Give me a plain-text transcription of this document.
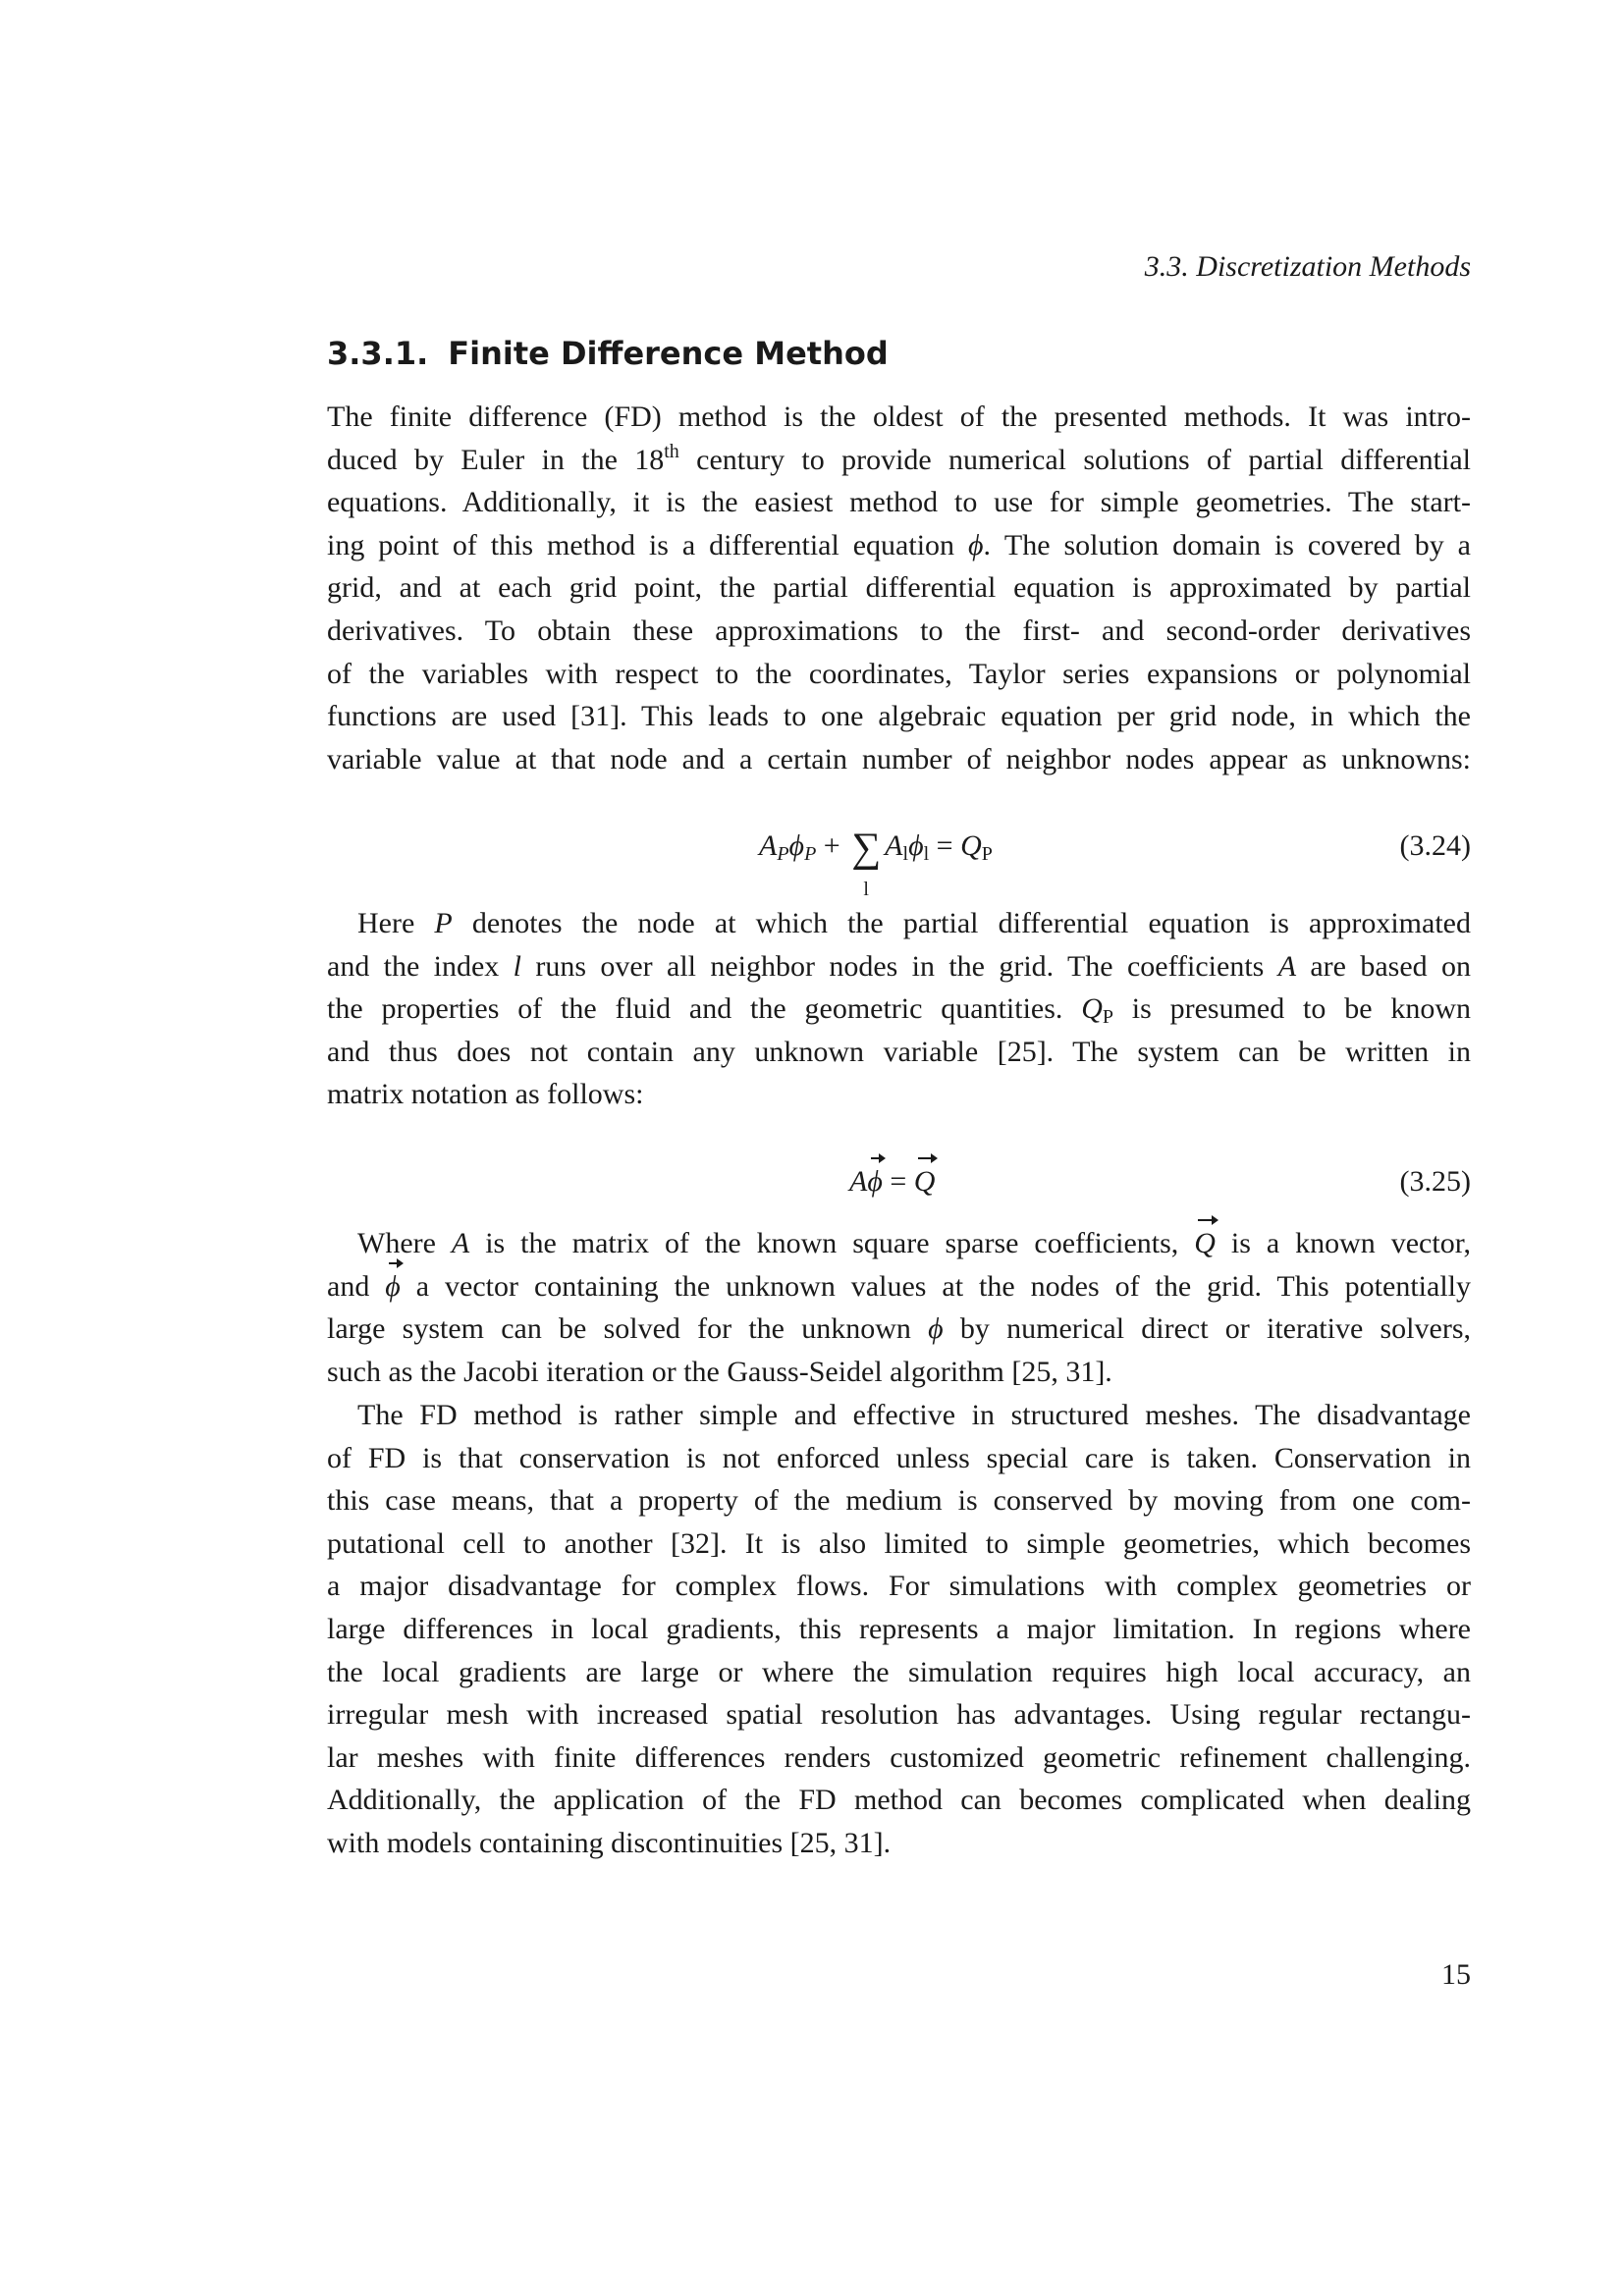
3.3. Discretization Methods
3.3.1. Finite Difference Method
The finite difference (FD) method is the oldest of the presented methods. It was intro-
duced by Euler in the 18th century to provide numerical solutions of partial differential
equations. Additionally, it is the easiest method to use for simple geometries. The start-
ing point of this method is a differential equation ϕ. The solution domain is covered by a
grid, and at each grid point, the partial differential equation is approximated by partial
derivatives. To obtain these approximations to the first- and second-order derivatives
of the variables with respect to the coordinates, Taylor series expansions or polynomial
functions are used [31]. This leads to one algebraic equation per grid node, in which the
variable value at that node and a certain number of neighbor nodes appear as unknowns:
$A_P\phi_P$ + ∑
l
$A_l\phi_l = Q_P$	(3.24)
Here P denotes the node at which the partial differential equation is approximated
and the index l runs over all neighbor nodes in the grid. The coefficients A are based on
the properties of the fluid and the geometric quantities. $Q_P$ is presumed to be known
and thus does not contain any unknown variable [25]. The system can be written in
matrix notation as follows:
Aϕ = Q	(3.25)
Where A is the matrix of the known square sparse coefficients, Q is a known vector,
and ϕ a vector containing the unknown values at the nodes of the grid. This potentially
large system can be solved for the unknown ϕ by numerical direct or iterative solvers,
such as the Jacobi iteration or the Gauss-Seidel algorithm [25, 31].
The FD method is rather simple and effective in structured meshes. The disadvantage
of FD is that conservation is not enforced unless special care is taken. Conservation in
this case means, that a property of the medium is conserved by moving from one com-
putational cell to another [32]. It is also limited to simple geometries, which becomes
a major disadvantage for complex flows. For simulations with complex geometries or
large differences in local gradients, this represents a major limitation. In regions where
the local gradients are large or where the simulation requires high local accuracy, an
irregular mesh with increased spatial resolution has advantages. Using regular rectangu-
lar meshes with finite differences renders customized geometric refinement challenging.
Additionally, the application of the FD method can becomes complicated when dealing
with models containing discontinuities [25, 31].
15
